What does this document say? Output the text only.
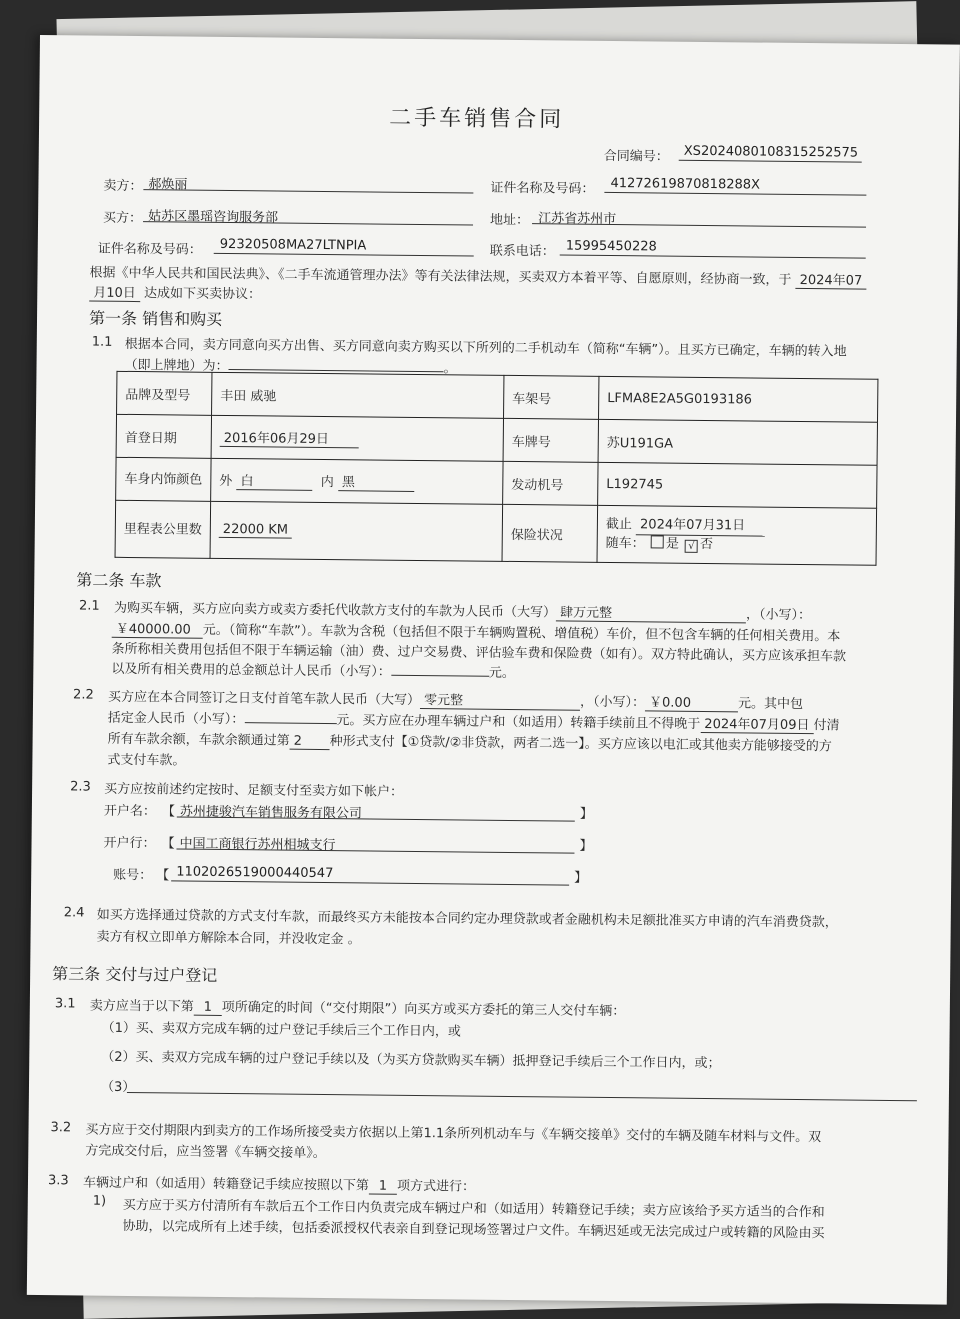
二手车销售合同
合同编号： XS2024080108315252575
卖方： 郝焕丽	证件名称及号码： 41272619870818288X
买方： 姑苏区墨瑶咨询服务部	地址： 江苏省苏州市
证件名称及号码： 92320508MA27LTNPIA	联系电话： 15995450228
根据《中华人民共和国民法典》、《二手车流通管理办法》等有关法律法规，买卖双方本着平等、自愿原则，经协商一致，于 2024年07
月10日 达成如下买卖协议：
第一条 销售和购买
1.1 根据本合同，卖方同意向买方出售、买方同意向卖方购买以下所列的二手机动车（简称“车辆”）。且买方已确定，车辆的转入地
（即上牌地）为：	。
品牌及型号	丰田 威驰	车架号	LFMA8E2A5G0193186
首登日期	2016年06月29日	车牌号	苏U191GA
车身内饰颜色	外 白 内 黑	发动机号	L192745
里程表公里数	22000 KM	保险状况	截止 2024年07月31日
随车： 是 √ 否
第二条 车款
2.1 为购买车辆，买方应向卖方或卖方委托代收款方支付的车款为人民币（大写） 肆万元整	，（小写）：
￥40000.00 元。（简称“车款”）。车款为含税（包括但不限于车辆购置税、增值税）车价，但不包含车辆的任何相关费用。本
条所称相关费用包括但不限于车辆运输（油）费、过户交易费、评估验车费和保险费（如有）。双方特此确认，买方应该承担车款
以及所有相关费用的总金额总计人民币（小写）：	元。
2.2 买方应在本合同签订之日支付首笔车款人民币（大写） 零元整	，（小写）： ￥0.00	元。其中包
括定金人民币（小写）：	元。买方应在办理车辆过户和（如适用）转籍手续前且不得晚于 2024年07月09日 付清
所有车款余额，车款余额通过第 2 种形式支付【①贷款/②非贷款，两者二选一】。买方应该以电汇或其他卖方能够接受的方
式支付车款。
2.3 买方应按前述约定按时、足额支付至卖方如下帐户：
开户名： 【 苏州捷骏汽车销售服务有限公司	】
开户行： 【 中国工商银行苏州相城支行	】
账号： 【 1102026519000440547	】
2.4 如买方选择通过贷款的方式支付车款，而最终买方未能按本合同约定办理贷款或者金融机构未足额批准买方申请的汽车消费贷款，
卖方有权立即单方解除本合同，并没收定金 。
第三条 交付与过户登记
3.1 卖方应当于以下第 1 项所确定的时间（“交付期限”）向买方或买方委托的第三人交付车辆：
（1）买、卖双方完成车辆的过户登记手续后三个工作日内，或
（2）买、卖双方完成车辆的过户登记手续以及（为买方贷款购买车辆）抵押登记手续后三个工作日内，或；
（3）
3.2 买方应于交付期限内到卖方的工作场所接受卖方依据以上第1.1条所列机动车与《车辆交接单》交付的车辆及随车材料与文件。双
方完成交付后，应当签署《车辆交接单》。
3.3 车辆过户和（如适用）转籍登记手续应按照以下第 1 项方式进行：
1) 买方应于买方付清所有车款后五个工作日内负责完成车辆过户和（如适用）转籍登记手续；卖方应该给予买方适当的合作和
协助，以完成所有上述手续，包括委派授权代表亲自到登记现场签署过户文件。车辆迟延或无法完成过户或转籍的风险由买
